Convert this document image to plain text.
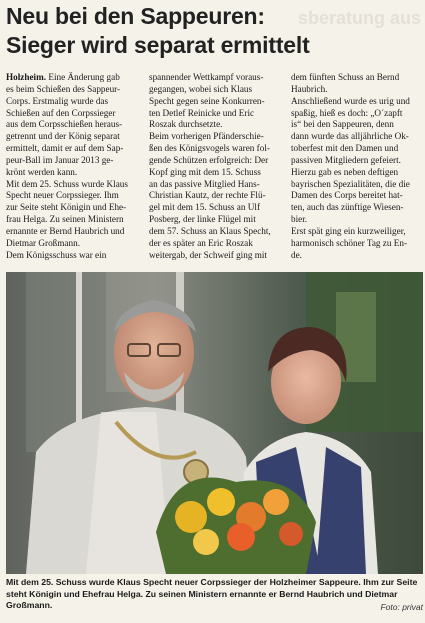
sberatung aus
Neu bei den Sappeuren:
Sieger wird separat ermittelt

Holzheim. Eine Änderung gab

es beim Schießen des Sappeur-

Corps. Erstmalig wurde das

Schießen auf den Corpssieger

aus dem Corpsschießen heraus-

getrennt und der König separat

ermittelt, damit er auf dem Sap-

peur-Ball im Januar 2013 ge-

krönt werden kann.

Mit dem 25. Schuss wurde Klaus

Specht neuer Corpssieger. Ihm

zur Seite steht Königin und Ehe-

frau Helga. Zu seinen Ministern

ernannte er Bernd Haubrich und

Dietmar Großmann.

Dem Königsschuss war ein

spannender Wettkampf voraus-

gegangen, wobei sich Klaus

Specht gegen seine Konkurren-

ten Detlef Reinicke und Eric

Roszak durchsetzte.

Beim vorherigen Pfänderschie-

ßen des Königsvogels waren fol-

gende Schützen erfolgreich: Der

Kopf ging mit dem 15. Schuss

an das passive Mitglied Hans-

Christian Kautz, der rechte Flü-

gel mit dem 15. Schuss an Ulf

Posberg, der linke Flügel mit

dem 57. Schuss an Klaus Specht,

der es später an Eric Roszak

weitergab, der Schweif ging mit

dem fünften Schuss an Bernd

Haubrich.

Anschließend wurde es urig und

spaßig, hieß es doch: „O´zapft

is“ bei den Sappeuren, denn

dann wurde das alljährliche Ok-

toberfest mit den Damen und

passiven Mitgliedern gefeiert.

Hierzu gab es neben deftigen

bayrischen Spezialitäten, die die

Damen des Corps bereitet hat-

ten, auch das zünftige Wiesen-

bier.

Erst spät ging ein kurzweiliger,

harmonisch schöner Tag zu En-

de.

Mit dem 25. Schuss wurde Klaus Specht neuer Corpssieger der Holzheimer Sappeure. Ihm zur Seite steht Königin und Ehefrau Helga. Zu seinen Ministern ernannte er Bernd Haubrich und Dietmar Großmann.	Foto: privat
